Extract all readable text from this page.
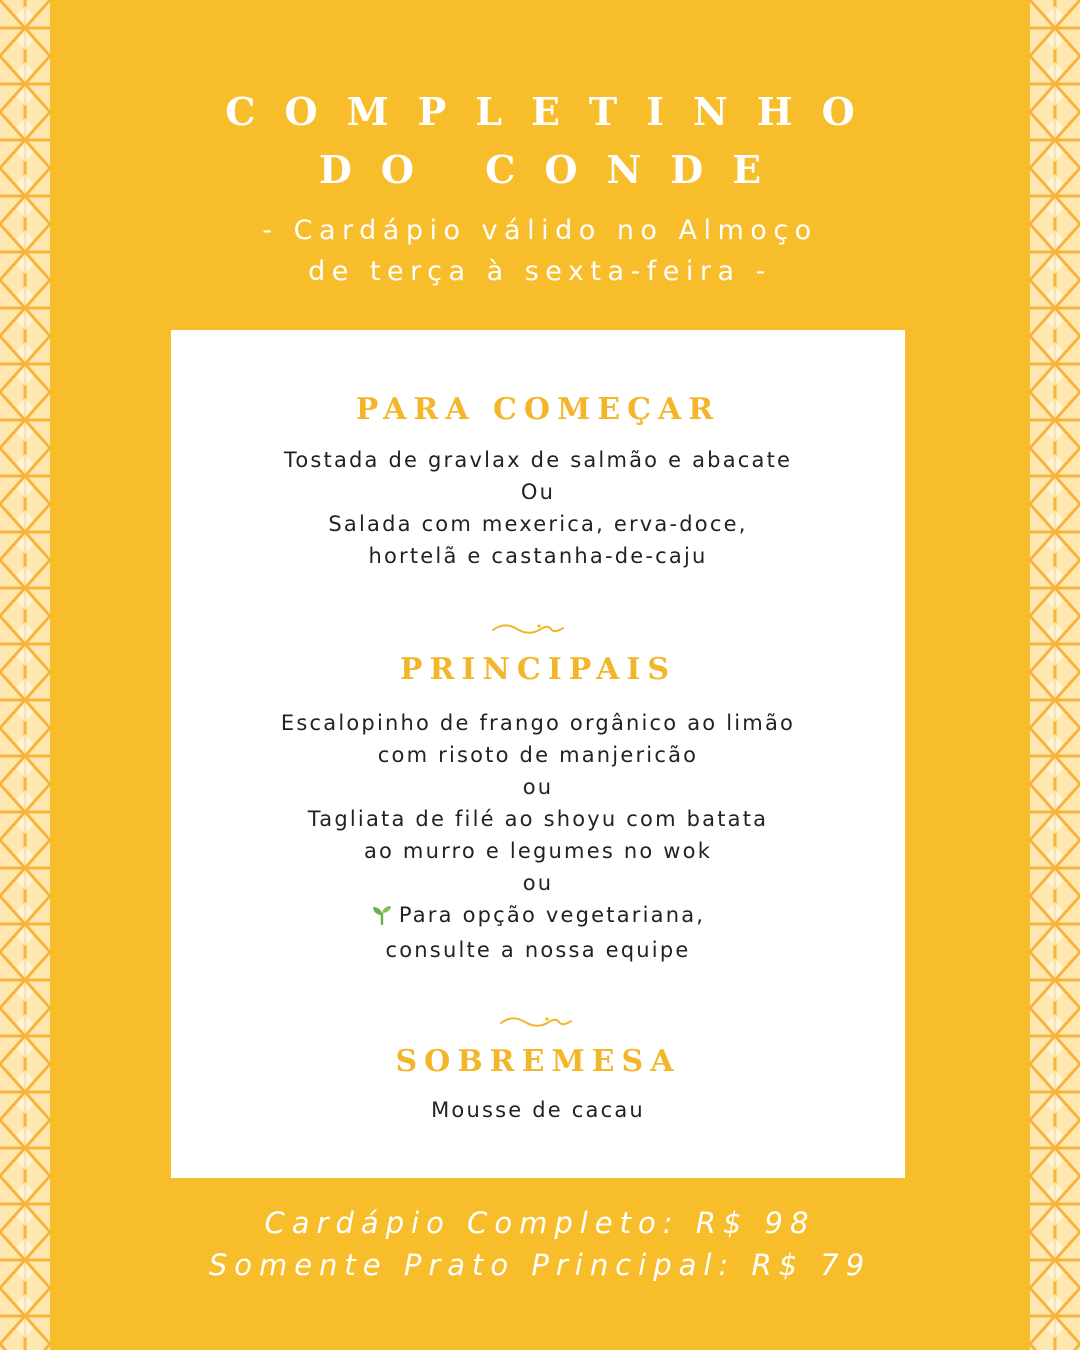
COMPLETINHO

DO CONDE

- Cardápio válido no Almoço

de terça à sexta-feira -

PARA COMEÇAR
Tostada de gravlax de salmão e abacate
Ou
Salada com mexerica, erva-doce,
hortelã e castanha-de-caju
PRINCIPAIS
Escalopinho de frango orgânico ao limão
com risoto de manjericão
ou
Tagliata de filé ao shoyu com batata
ao murro e legumes no wok
ou
Para opção vegetariana,
consulte a nossa equipe
SOBREMESA
Mousse de cacau
Cardápio Completo: R$ 98
Somente Prato Principal: R$ 79
